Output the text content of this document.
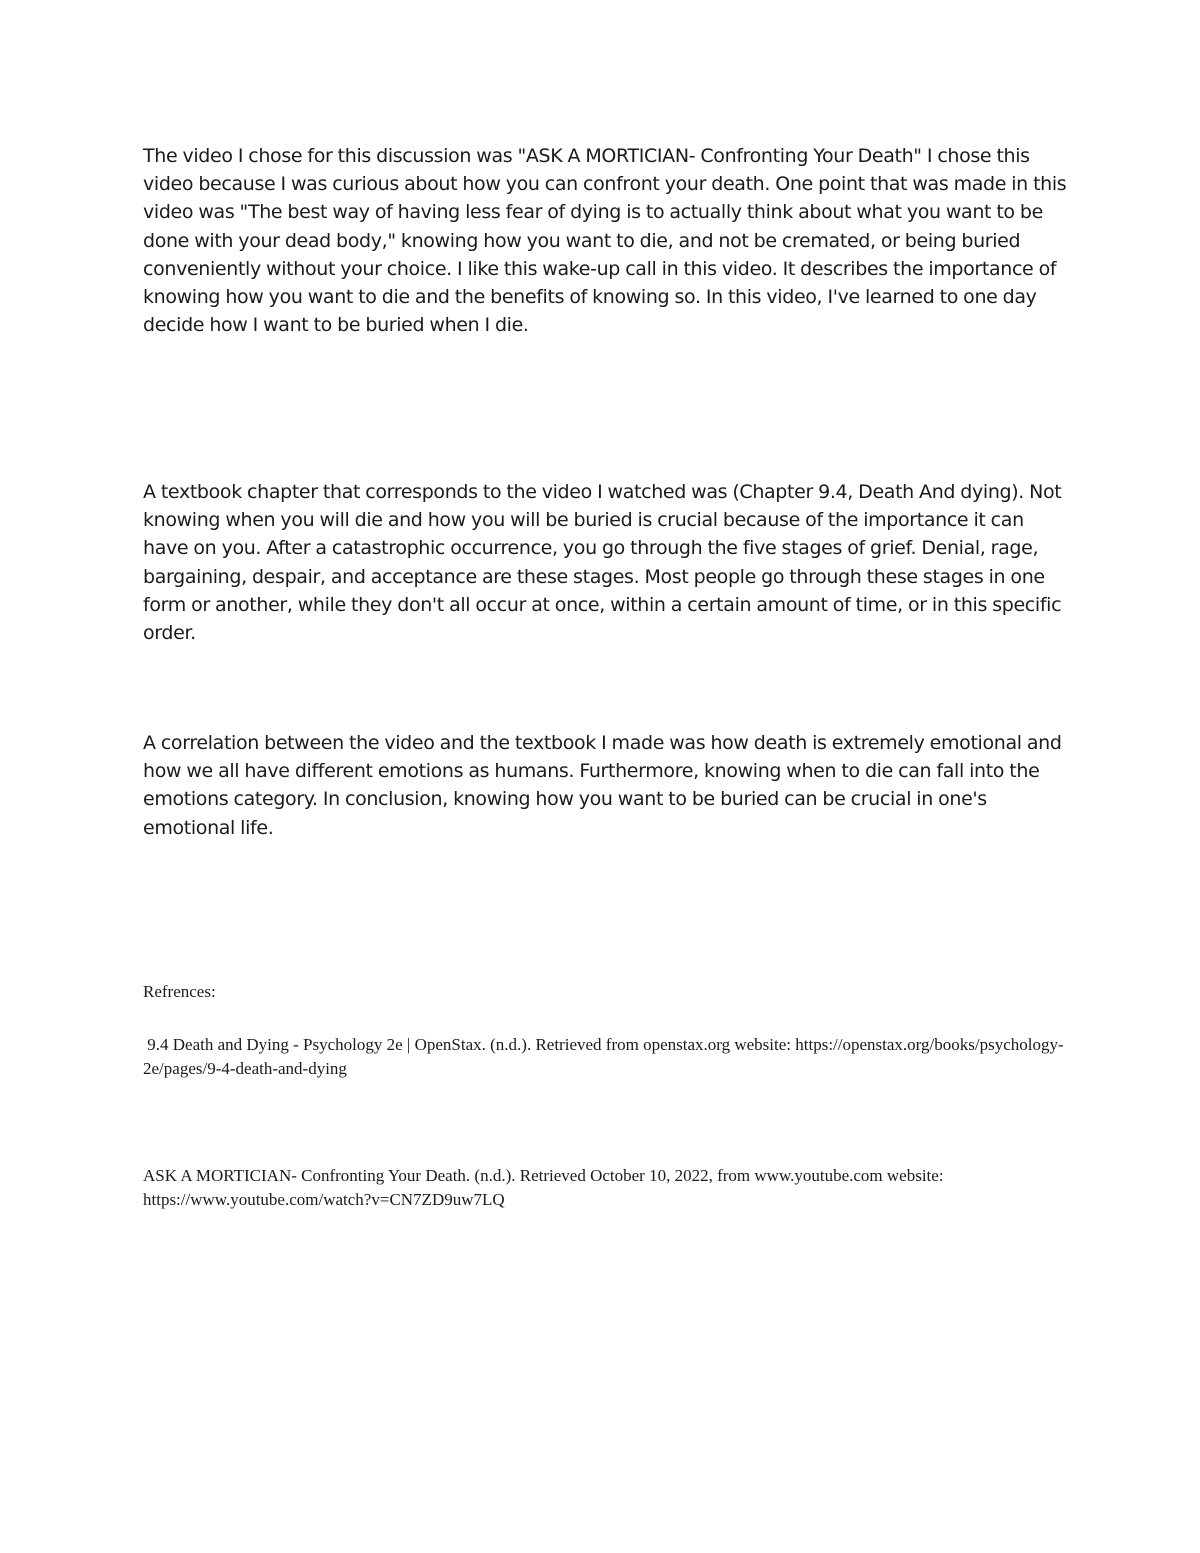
The video I chose for this discussion was "ASK A MORTICIAN- Confronting Your Death" I chose this video because I was curious about how you can confront your death. One point that was made in this video was "The best way of having less fear of dying is to actually think about what you want to be done with your dead body," knowing how you want to die, and not be cremated, or being buried conveniently without your choice. I like this wake-up call in this video. It describes the importance of knowing how you want to die and the benefits of knowing so. In this video, I've learned to one day decide how I want to be buried when I die.

A textbook chapter that corresponds to the video I watched was (Chapter 9.4, Death And dying). Not knowing when you will die and how you will be buried is crucial because of the importance it can have on you. After a catastrophic occurrence, you go through the five stages of grief. Denial, rage, bargaining, despair, and acceptance are these stages. Most people go through these stages in one form or another, while they don't all occur at once, within a certain amount of time, or in this specific order.

A correlation between the video and the textbook I made was how death is extremely emotional and how we all have different emotions as humans. Furthermore, knowing when to die can fall into the emotions category. In conclusion, knowing how you want to be buried can be crucial in one's emotional life.

Refrences:

9.4 Death and Dying - Psychology 2e | OpenStax. (n.d.). Retrieved from openstax.org website: https://openstax.org/books/psychology-2e/pages/9-4-death-and-dying

ASK A MORTICIAN- Confronting Your Death. (n.d.). Retrieved October 10, 2022, from www.youtube.com website: https://www.youtube.com/watch?v=CN7ZD9uw7LQ
